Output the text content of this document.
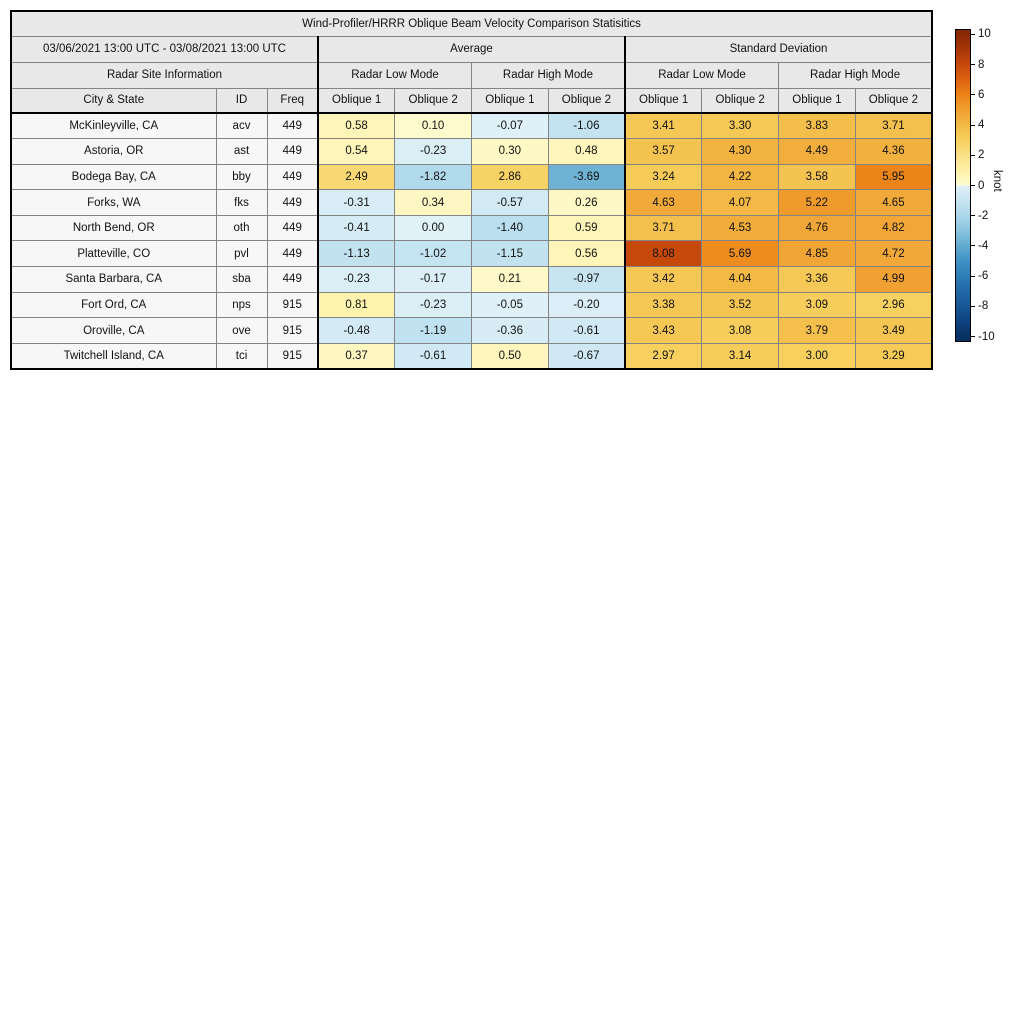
Wind-Profiler/HRRR Oblique Beam Velocity Comparison Statisitics										
03/06/2021 13:00 UTC - 03/08/2021 13:00 UTC			Average				Standard Deviation			
Radar Site Information			Radar Low Mode		Radar High Mode		Radar Low Mode		Radar High Mode	
City & State	ID	Freq	Oblique 1	Oblique 2	Oblique 1	Oblique 2	Oblique 1	Oblique 2	Oblique 1	Oblique 2
McKinleyville, CA	acv	449	0.58	0.10	-0.07	-1.06	3.41	3.30	3.83	3.71
Astoria, OR	ast	449	0.54	-0.23	0.30	0.48	3.57	4.30	4.49	4.36
Bodega Bay, CA	bby	449	2.49	-1.82	2.86	-3.69	3.24	4.22	3.58	5.95
Forks, WA	fks	449	-0.31	0.34	-0.57	0.26	4.63	4.07	5.22	4.65
North Bend, OR	oth	449	-0.41	0.00	-1.40	0.59	3.71	4.53	4.76	4.82
Platteville, CO	pvl	449	-1.13	-1.02	-1.15	0.56	8.08	5.69	4.85	4.72
Santa Barbara, CA	sba	449	-0.23	-0.17	0.21	-0.97	3.42	4.04	3.36	4.99
Fort Ord, CA	nps	915	0.81	-0.23	-0.05	-0.20	3.38	3.52	3.09	2.96
Oroville, CA	ove	915	-0.48	-1.19	-0.36	-0.61	3.43	3.08	3.79	3.49
Twitchell Island, CA	tci	915	0.37	-0.61	0.50	-0.67	2.97	3.14	3.00	3.29
10
8
6
4
2
0
-2
-4
-6
-8
-10
knot
